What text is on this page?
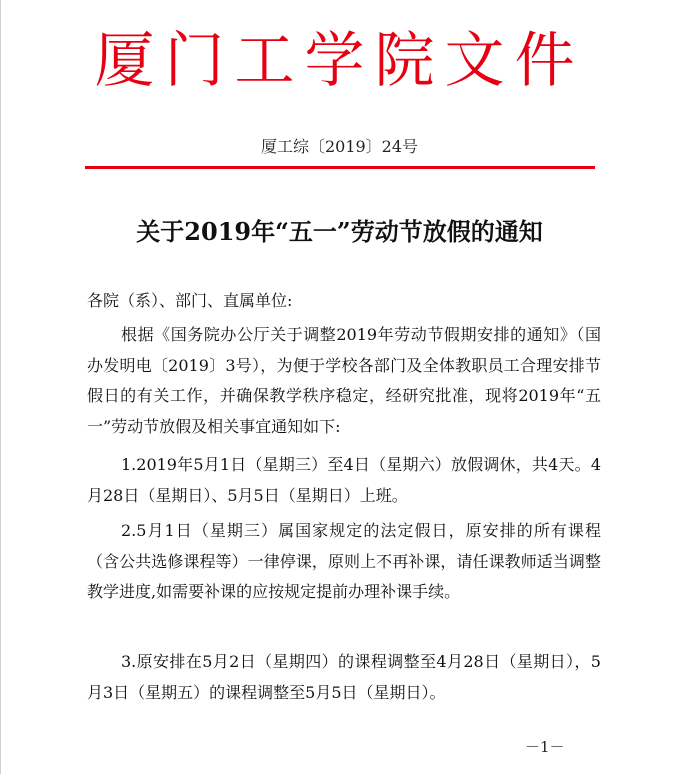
厦门工学院文件
厦工综〔2019〕24号
关于2019年“五一”劳动节放假的通知
各院（系）、部门、直属单位:
根据《国务院办公厅关于调整2019年劳动节假期安排的通知》（国办发明电〔2019〕3号），为便于学校各部门及全体教职员工合理安排节假日的有关工作，并确保教学秩序稳定，经研究批准，现将2019年“五一”劳动节放假及相关事宜通知如下:
1.2019年5月1日（星期三）至4日（星期六）放假调休，共4天。4月28日（星期日）、5月5日（星期日）上班。
2.5月1日（星期三）属国家规定的法定假日，原安排的所有课程（含公共选修课程等）一律停课，原则上不再补课，请任课教师适当调整教学进度,如需要补课的应按规定提前办理补课手续。
3.原安排在5月2日（星期四）的课程调整至4月28日（星期日），5月3日（星期五）的课程调整至5月5日（星期日）。
－1－
